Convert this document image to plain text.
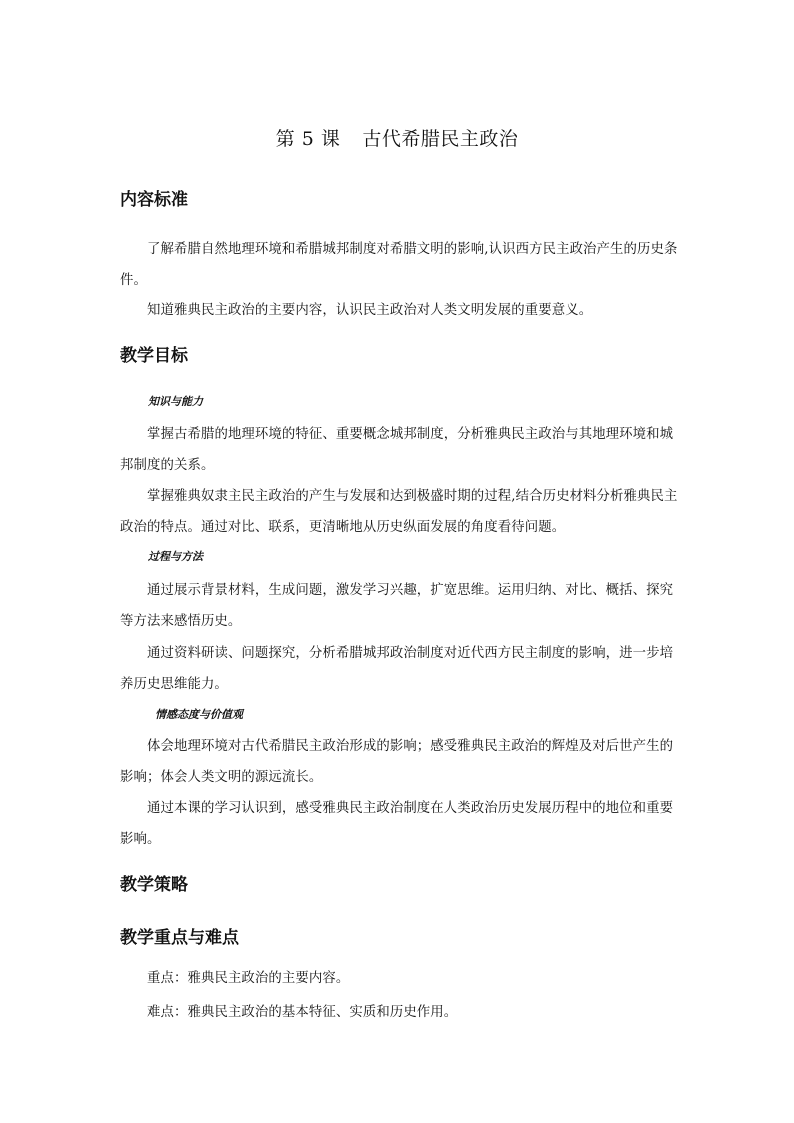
第 5 课 古代希腊民主政治
内容标准
了解希腊自然地理环境和希腊城邦制度对希腊文明的影响,认识西方民主政治产生的历史条件。
知道雅典民主政治的主要内容，认识民主政治对人类文明发展的重要意义。
教学目标
知识与能力
掌握古希腊的地理环境的特征、重要概念城邦制度，分析雅典民主政治与其地理环境和城邦制度的关系。
掌握雅典奴隶主民主政治的产生与发展和达到极盛时期的过程,结合历史材料分析雅典民主政治的特点。通过对比、联系，更清晰地从历史纵面发展的角度看待问题。
过程与方法
通过展示背景材料，生成问题，激发学习兴趣，扩宽思维。运用归纳、对比、概括、探究等方法来感悟历史。
通过资料研读、问题探究，分析希腊城邦政治制度对近代西方民主制度的影响，进一步培养历史思维能力。
情感态度与价值观
体会地理环境对古代希腊民主政治形成的影响；感受雅典民主政治的辉煌及对后世产生的影响；体会人类文明的源远流长。
通过本课的学习认识到，感受雅典民主政治制度在人类政治历史发展历程中的地位和重要影响。
教学策略
教学重点与难点
重点：雅典民主政治的主要内容。
难点：雅典民主政治的基本特征、实质和历史作用。
